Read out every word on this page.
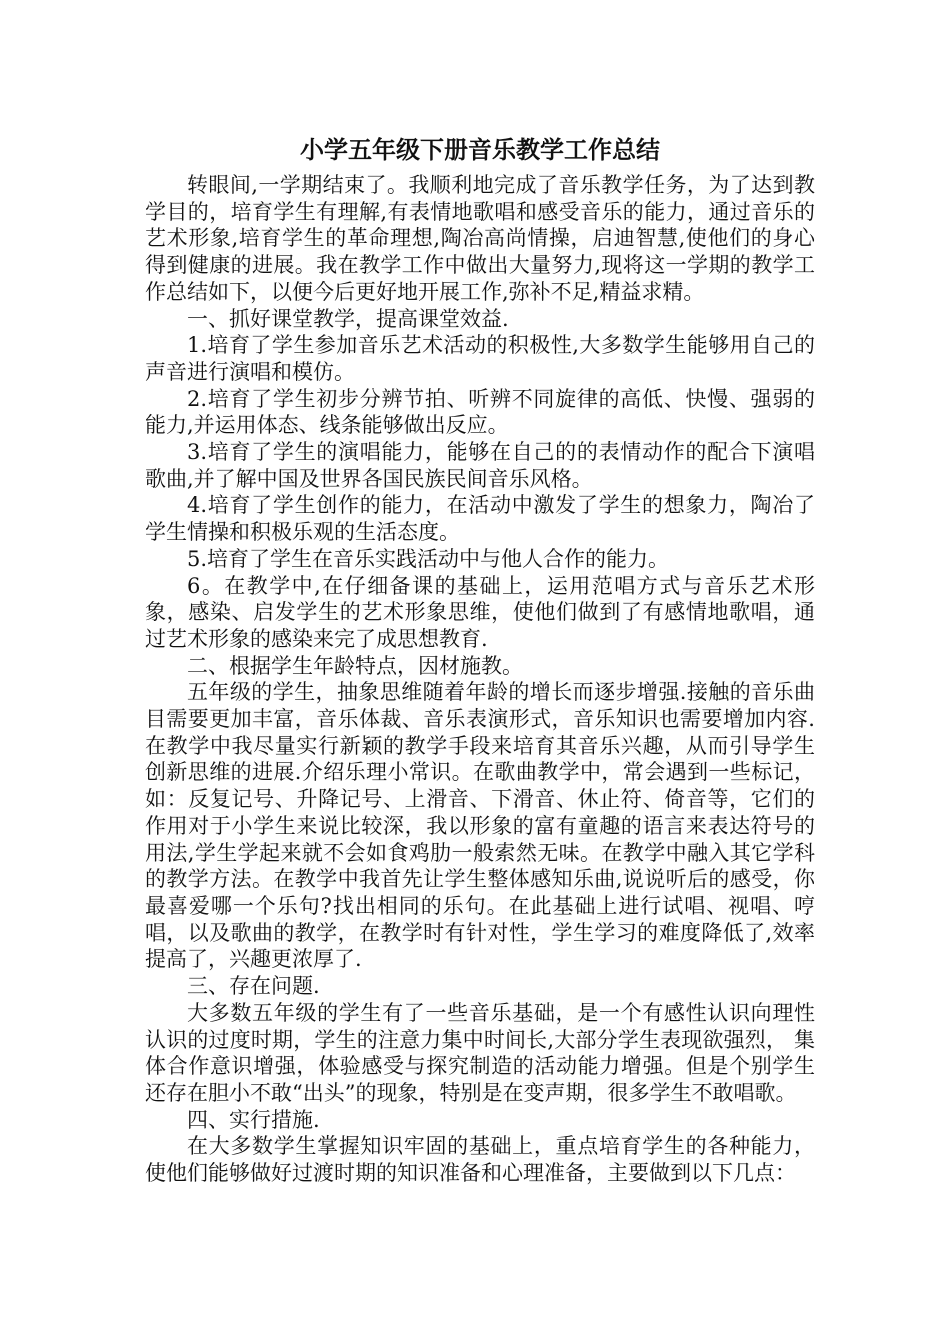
小学五年级下册音乐教学工作总结

转眼间,一学期结束了。我顺利地完成了音乐教学任务，为了达到教学目的，培育学生有理解,有表情地歌唱和感受音乐的能力，通过音乐的艺术形象,培育学生的革命理想,陶冶高尚情操，启迪智慧,使他们的身心得到健康的进展。我在教学工作中做出大量努力,现将这一学期的教学工作总结如下，以便今后更好地开展工作,弥补不足,精益求精。

一、抓好课堂教学，提高课堂效益.

1.培育了学生参加音乐艺术活动的积极性,大多数学生能够用自己的声音进行演唱和模仿。

2.培育了学生初步分辨节拍、听辨不同旋律的高低、快慢、强弱的能力,并运用体态、线条能够做出反应。

3.培育了学生的演唱能力，能够在自己的的表情动作的配合下演唱歌曲,并了解中国及世界各国民族民间音乐风格。

4.培育了学生创作的能力，在活动中激发了学生的想象力，陶冶了学生情操和积极乐观的生活态度。

5.培育了学生在音乐实践活动中与他人合作的能力。

6。在教学中,在仔细备课的基础上，运用范唱方式与音乐艺术形象，感染、启发学生的艺术形象思维，使他们做到了有感情地歌唱，通过艺术形象的感染来完了成思想教育.

二、根据学生年龄特点，因材施教。

五年级的学生，抽象思维随着年龄的增长而逐步增强.接触的音乐曲目需要更加丰富，音乐体裁、音乐表演形式，音乐知识也需要增加内容.在教学中我尽量实行新颖的教学手段来培育其音乐兴趣，从而引导学生创新思维的进展.介绍乐理小常识。在歌曲教学中，常会遇到一些标记，如：反复记号、升降记号、上滑音、下滑音、休止符、倚音等，它们的作用对于小学生来说比较深，我以形象的富有童趣的语言来表达符号的用法,学生学起来就不会如食鸡肋一般索然无味。在教学中融入其它学科的教学方法。在教学中我首先让学生整体感知乐曲,说说听后的感受，你最喜爱哪一个乐句?找出相同的乐句。在此基础上进行试唱、视唱、哼唱，以及歌曲的教学，在教学时有针对性，学生学习的难度降低了,效率提高了，兴趣更浓厚了.

三、存在问题.

大多数五年级的学生有了一些音乐基础，是一个有感性认识向理性认识的过度时期，学生的注意力集中时间长,大部分学生表现欲强烈， 集体合作意识增强，体验感受与探究制造的活动能力增强。但是个别学生还存在胆小不敢“出头”的现象，特别是在变声期，很多学生不敢唱歌。

四、实行措施.

在大多数学生掌握知识牢固的基础上，重点培育学生的各种能力，使他们能够做好过渡时期的知识准备和心理准备，主要做到以下几点：
